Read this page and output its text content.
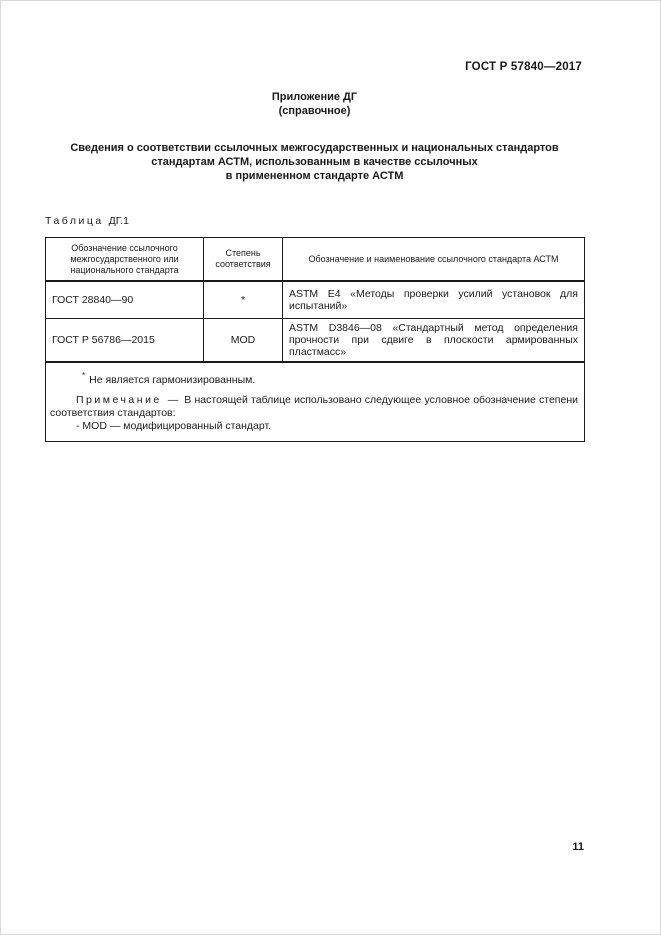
ГОСТ Р 57840—2017
Приложение ДГ
(справочное)
Сведения о соответствии ссылочных межгосударственных и национальных стандартов
стандартам АСТМ, использованным в качестве ссылочных
в примененном стандарте АСТМ
Таблица ДГ.1
Обозначение ссылочного межгосударственного или национального стандарта	Степень соответствия	Обозначение и наименование ссылочного стандарта АСТМ
ГОСТ 28840—90	*	ASTM E4 «Методы проверки усилий установок для испытаний»
ГОСТ Р 56786—2015	MOD	ASTM D3846—08 «Стандартный метод определения прочности при сдвиге в плоскости армированных пластмасс»

* Не является гармонизированным.
Примечание — В настоящей таблице использовано следующее условное обозначение степени соответствия стандартов:
- MOD — модифицированный стандарт.		
11
